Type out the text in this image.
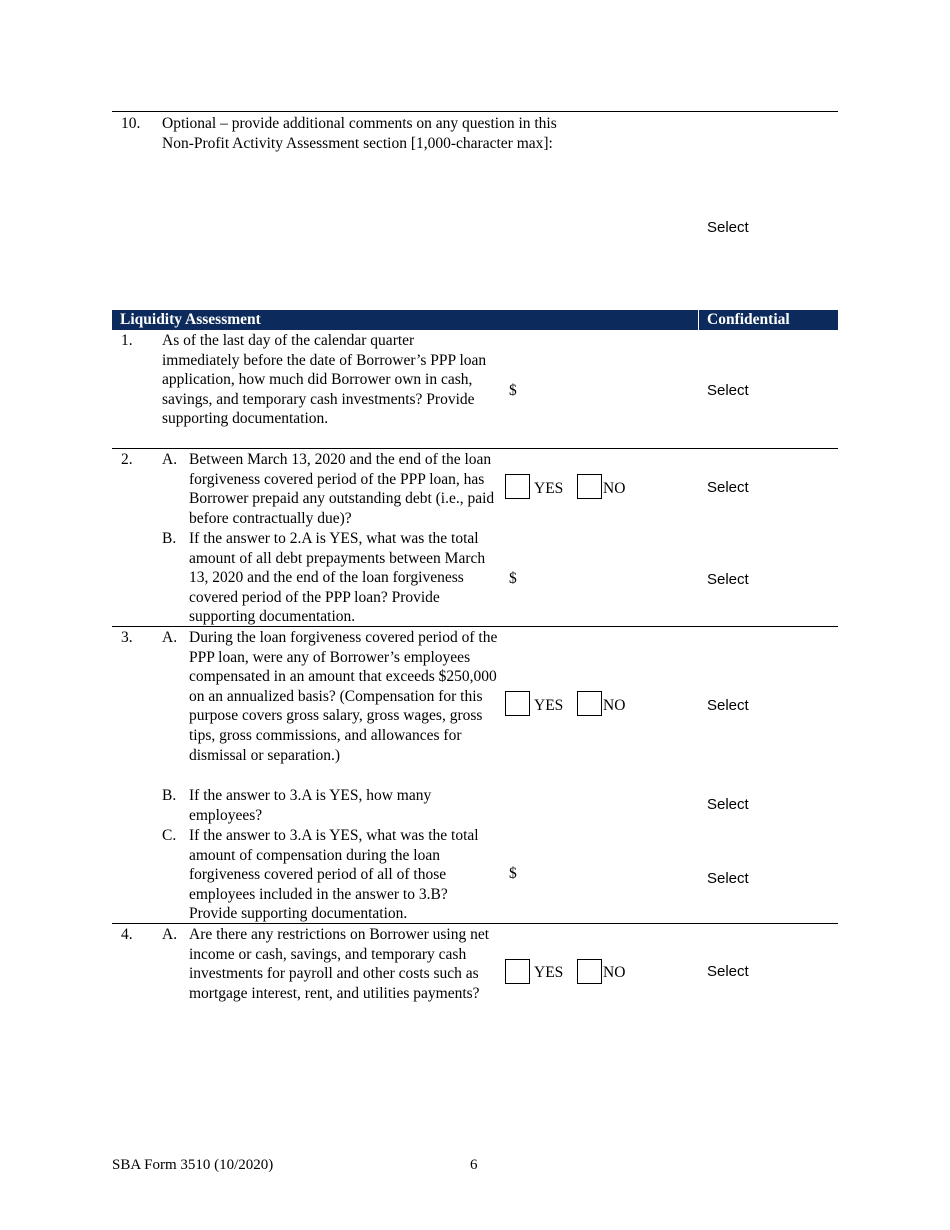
10. Optional – provide additional comments on any question in this
Non-Profit Activity Assessment section [1,000-character max]:
Select
Liquidity Assessment	Confidential
1. As of the last day of the calendar quarter immediately before the date of Borrower’s PPP loan application, how much did Borrower own in cash, savings, and temporary cash investments? Provide supporting documentation.
$	Select
2. A. Between March 13, 2020 and the end of the loan forgiveness covered period of the PPP loan, has Borrower prepaid any outstanding debt (i.e., paid before contractually due)?
YES	NO	Select
B. If the answer to 2.A is YES, what was the total amount of all debt prepayments between March 13, 2020 and the end of the loan forgiveness covered period of the PPP loan? Provide supporting documentation.
$	Select
3. A. During the loan forgiveness covered period of the PPP loan, were any of Borrower’s employees compensated in an amount that exceeds $250,000 on an annualized basis? (Compensation for this purpose covers gross salary, gross wages, gross tips, gross commissions, and allowances for dismissal or separation.)
YES	NO	Select
B. If the answer to 3.A is YES, how many employees?
Select
C. If the answer to 3.A is YES, what was the total amount of compensation during the loan forgiveness covered period of all of those employees included in the answer to 3.B? Provide supporting documentation.
$	Select
4. A. Are there any restrictions on Borrower using net income or cash, savings, and temporary cash investments for payroll and other costs such as mortgage interest, rent, and utilities payments?
YES	NO	Select
SBA Form 3510 (10/2020)	6
